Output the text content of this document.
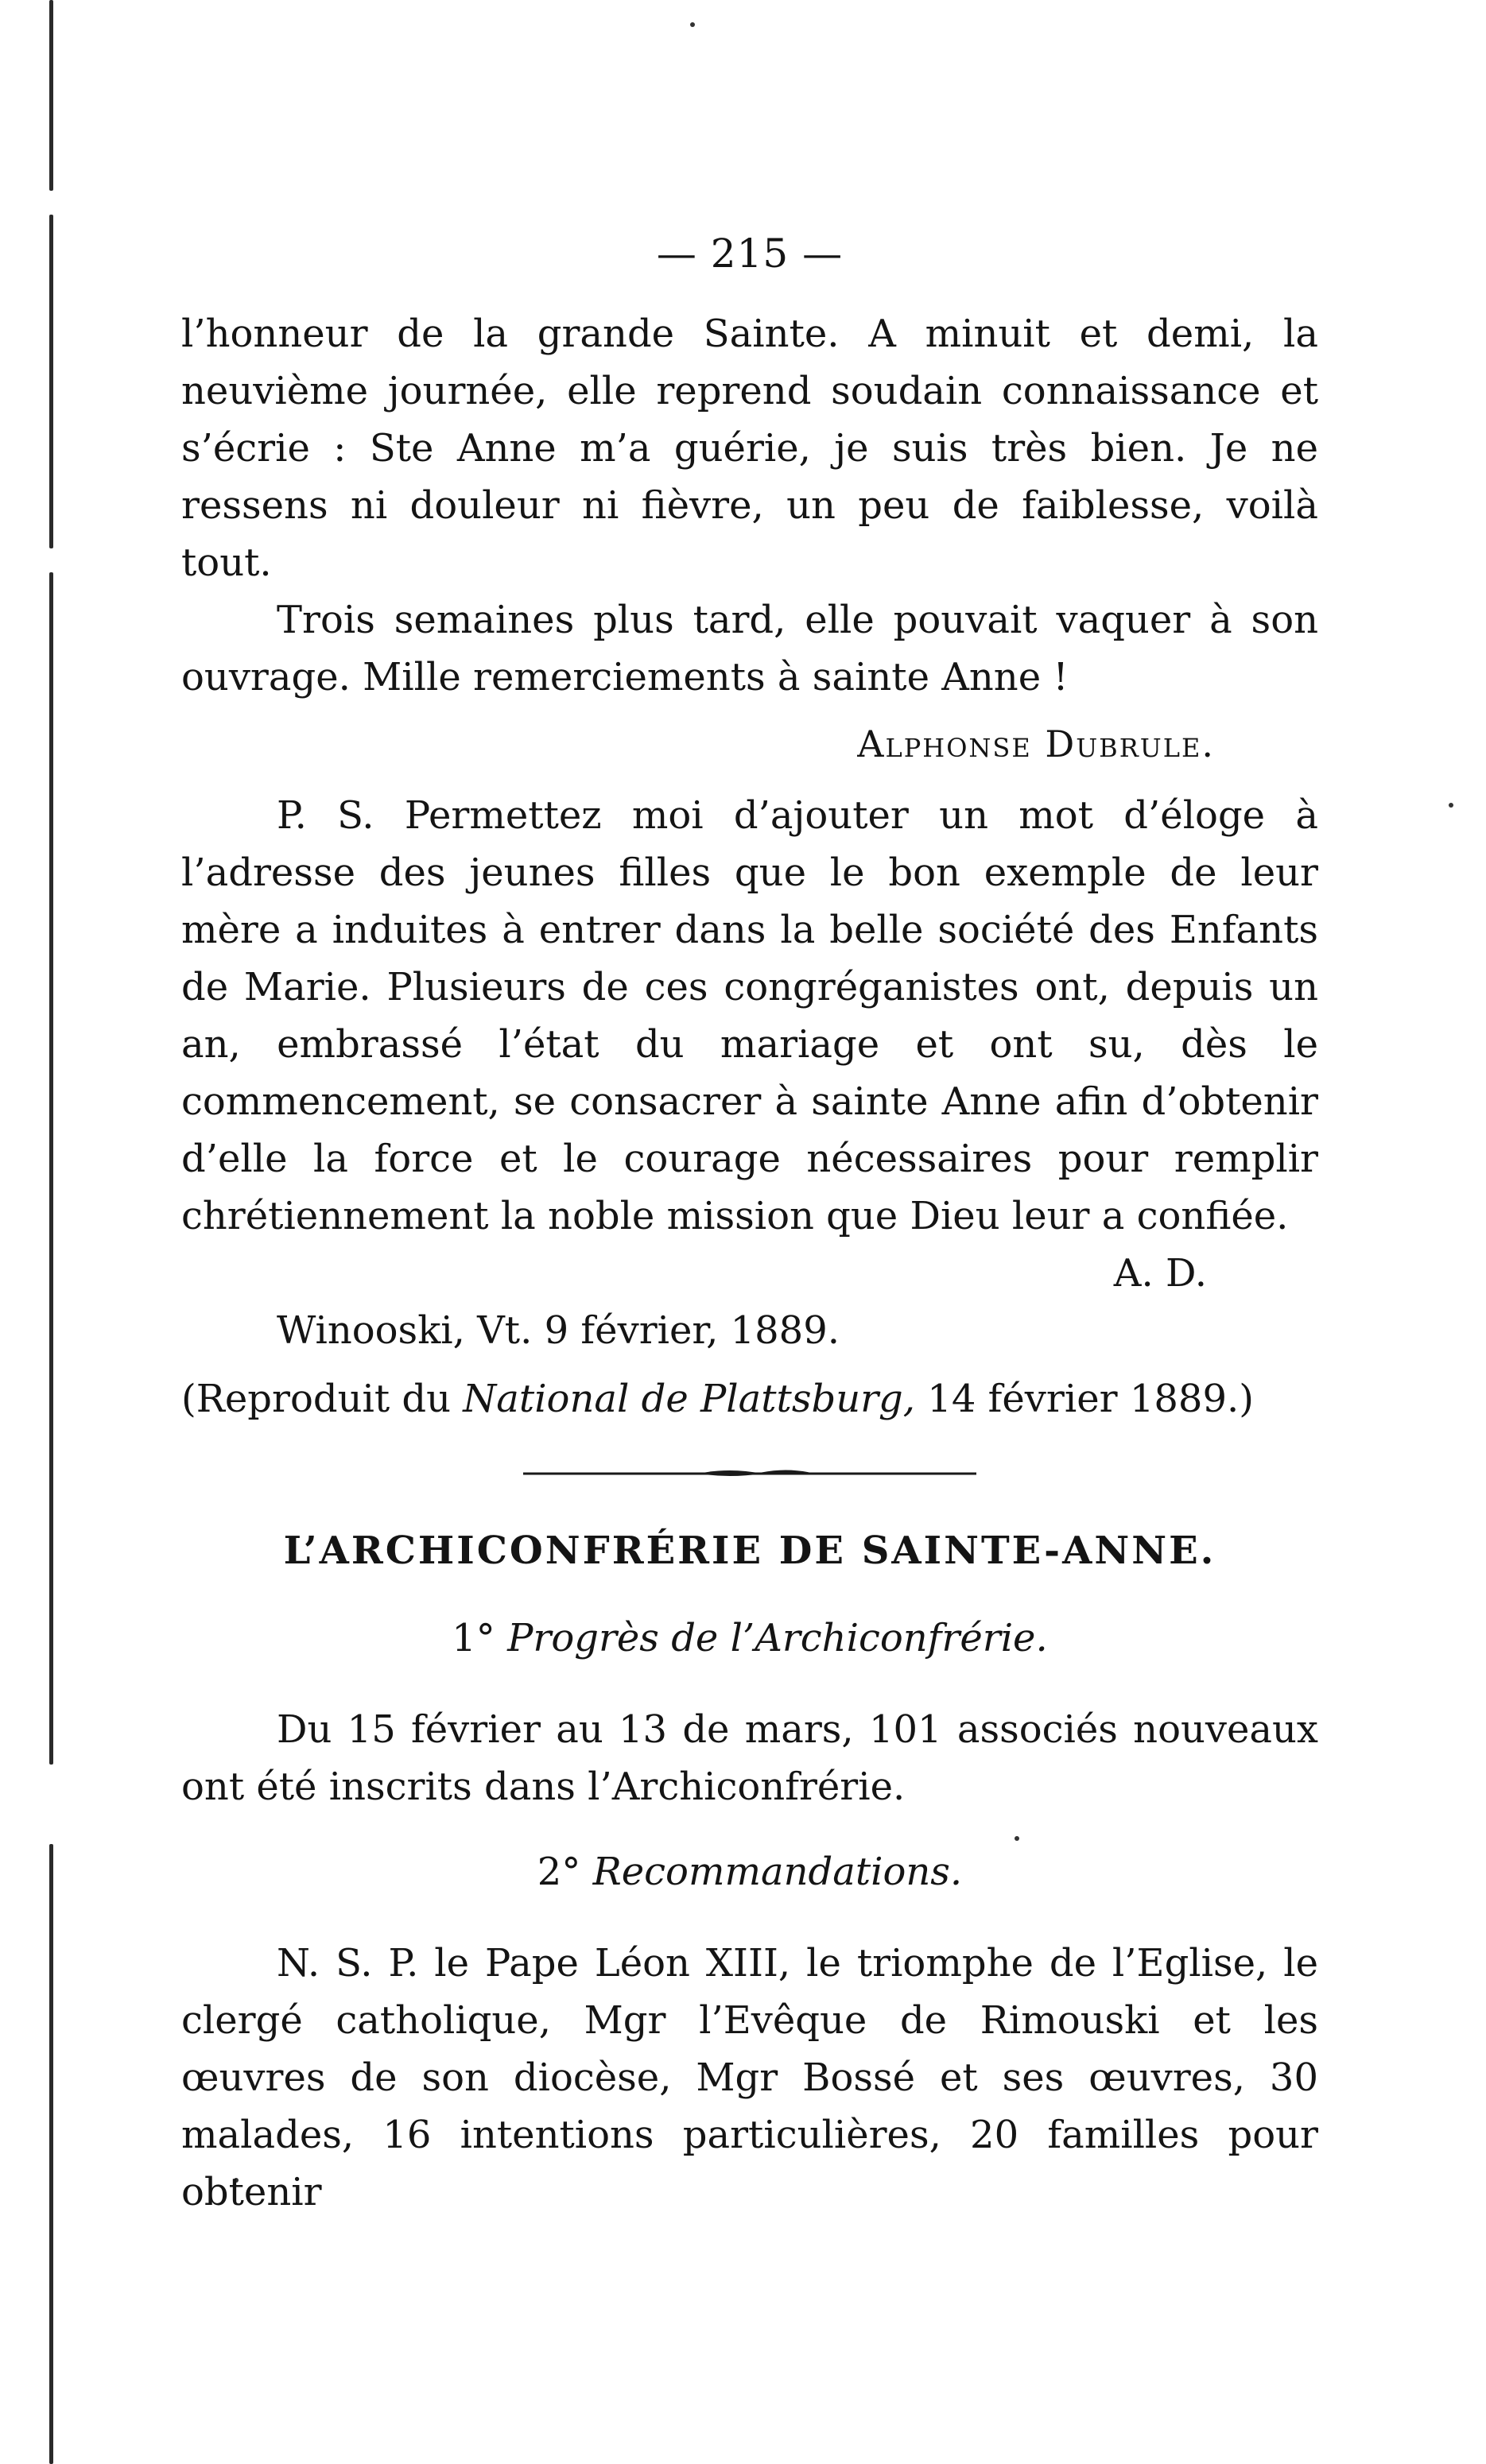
— 215 —

l’honneur de la grande Sainte. A minuit et demi, la neuvième journée, elle reprend soudain connaissance et s’écrie : Ste Anne m’a guérie, je suis très bien. Je ne ressens ni douleur ni fièvre, un peu de faiblesse, voilà tout.

Trois semaines plus tard, elle pouvait vaquer à son ouvrage. Mille remerciements à sainte Anne !

Alphonse Dubrule.

P. S. Permettez moi d’ajouter un mot d’éloge à l’adresse des jeunes filles que le bon exemple de leur mère a induites à entrer dans la belle société des Enfants de Marie. Plusieurs de ces congréganistes ont, depuis un an, embrassé l’état du mariage et ont su, dès le commencement, se consacrer à sainte Anne afin d’obtenir d’elle la force et le courage nécessaires pour remplir chrétiennement la noble mission que Dieu leur a confiée.

A. D.
Winooski, Vt. 9 février, 1889.
(Reproduit du National de Plattsburg, 14 février 1889.)
L’ARCHICONFRÉRIE DE SAINTE-ANNE.
1° Progrès de l’Archiconfrérie.

Du 15 février au 13 de mars, 101 associés nouveaux ont été inscrits dans l’Archiconfrérie.

2° Recommandations.

N. S. P. le Pape Léon XIII, le triomphe de l’Eglise, le clergé catholique, Mgr l’Evêque de Rimouski et les œuvres de son diocèse, Mgr Bossé et ses œuvres, 30 malades, 16 intentions particulières, 20 familles pour obtenir
